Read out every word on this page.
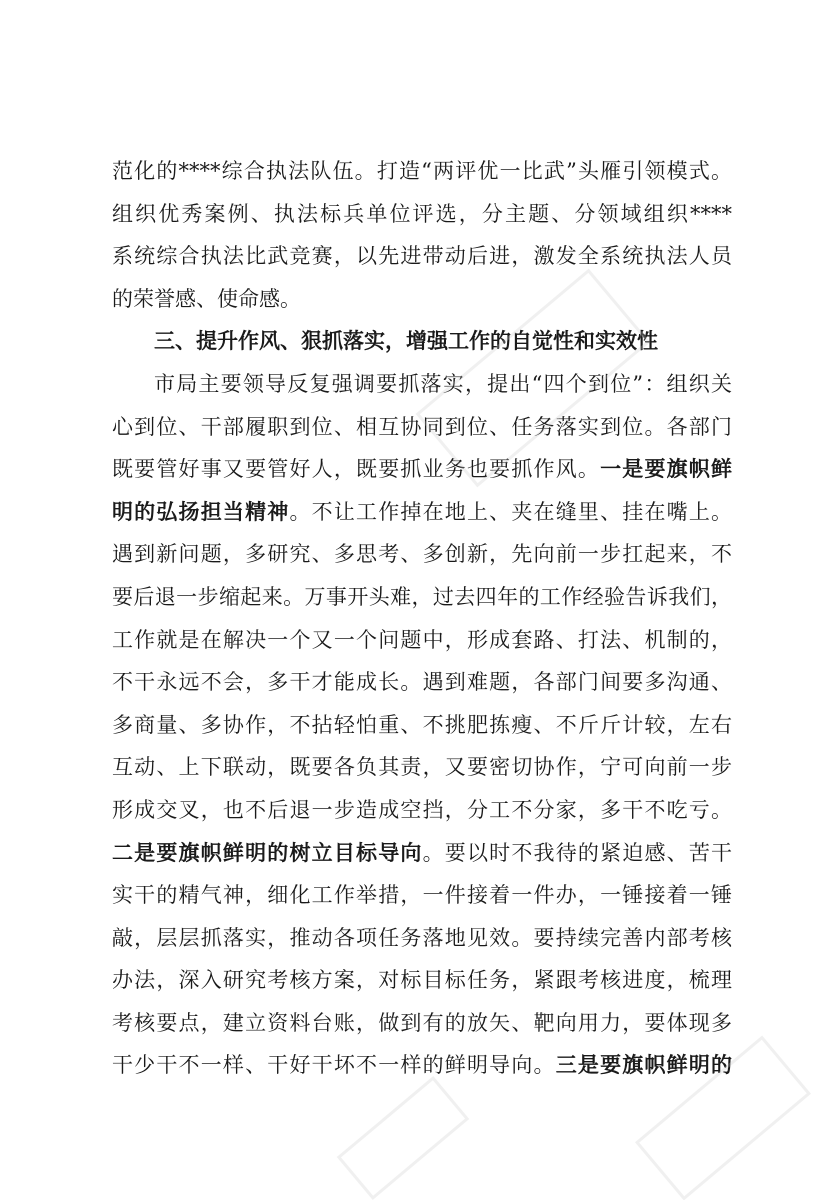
范化的****综合执法队伍。打造“两评优一比武”头雁引领模式。
组织优秀案例、执法标兵单位评选，分主题、分领域组织****
系统综合执法比武竞赛，以先进带动后进，激发全系统执法人员
的荣誉感、使命感。
三、提升作风、狠抓落实，增强工作的自觉性和实效性
市局主要领导反复强调要抓落实，提出“四个到位”：组织关
心到位、干部履职到位、相互协同到位、任务落实到位。各部门
既要管好事又要管好人，既要抓业务也要抓作风。一是要旗帜鲜
明的弘扬担当精神。不让工作掉在地上、夹在缝里、挂在嘴上。
遇到新问题，多研究、多思考、多创新，先向前一步扛起来，不
要后退一步缩起来。万事开头难，过去四年的工作经验告诉我们，
工作就是在解决一个又一个问题中，形成套路、打法、机制的，
不干永远不会，多干才能成长。遇到难题，各部门间要多沟通、
多商量、多协作，不拈轻怕重、不挑肥拣瘦、不斤斤计较，左右
互动、上下联动，既要各负其责，又要密切协作，宁可向前一步
形成交叉，也不后退一步造成空挡，分工不分家，多干不吃亏。
二是要旗帜鲜明的树立目标导向。要以时不我待的紧迫感、苦干
实干的精气神，细化工作举措，一件接着一件办，一锤接着一锤
敲，层层抓落实，推动各项任务落地见效。要持续完善内部考核
办法，深入研究考核方案，对标目标任务，紧跟考核进度，梳理
考核要点，建立资料台账，做到有的放矢、靶向用力，要体现多
干少干不一样、干好干坏不一样的鲜明导向。三是要旗帜鲜明的
